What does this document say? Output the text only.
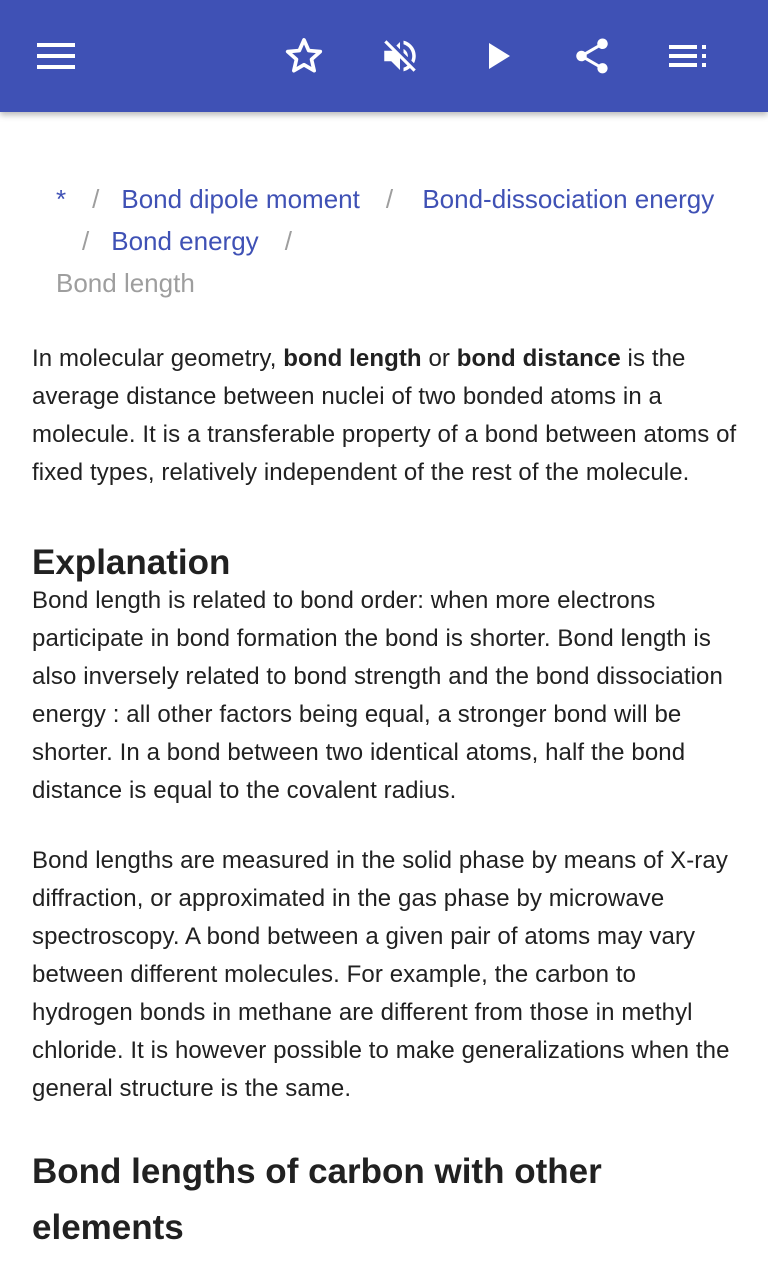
* / Bond dipole moment / Bond-dissociation energy/ Bond energy /
Bond length

In molecular geometry, bond length or bond distance is the average distance between nuclei of two bonded atoms in a molecule. It is a transferable property of a bond between atoms of fixed types, relatively independent of the rest of the molecule.

Explanation

Bond length is related to bond order: when more electrons participate in bond formation the bond is shorter. Bond length is also inversely related to bond strength and the bond dissociation energy : all other factors being equal, a stronger bond will be shorter. In a bond between two identical atoms, half the bond distance is equal to the covalent radius.

Bond lengths are measured in the solid phase by means of X-ray diffraction, or approximated in the gas phase by microwave spectroscopy. A bond between a given pair of atoms may vary between different molecules. For example, the carbon to hydrogen bonds in methane are different from those in methyl chloride. It is however possible to make generalizations when the general structure is the same.

Bond lengths of carbon with other elements
